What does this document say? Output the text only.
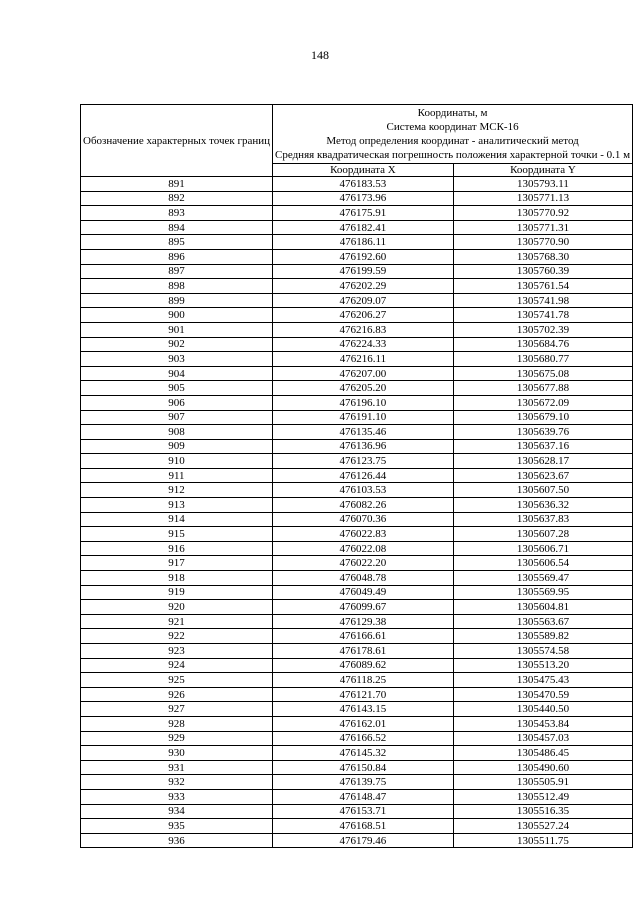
148
Обозначение характерных точек границ	Координаты, м
Система координат МСК-16
Метод определения координат - аналитический метод
Средняя квадратическая погрешность положения характерной точки - 0.1 м	

	Координата X	Координата Y
891	476183.53	1305793.11
892	476173.96	1305771.13
893	476175.91	1305770.92
894	476182.41	1305771.31
895	476186.11	1305770.90
896	476192.60	1305768.30
897	476199.59	1305760.39
898	476202.29	1305761.54
899	476209.07	1305741.98
900	476206.27	1305741.78
901	476216.83	1305702.39
902	476224.33	1305684.76
903	476216.11	1305680.77
904	476207.00	1305675.08
905	476205.20	1305677.88
906	476196.10	1305672.09
907	476191.10	1305679.10
908	476135.46	1305639.76
909	476136.96	1305637.16
910	476123.75	1305628.17
911	476126.44	1305623.67
912	476103.53	1305607.50
913	476082.26	1305636.32
914	476070.36	1305637.83
915	476022.83	1305607.28
916	476022.08	1305606.71
917	476022.20	1305606.54
918	476048.78	1305569.47
919	476049.49	1305569.95
920	476099.67	1305604.81
921	476129.38	1305563.67
922	476166.61	1305589.82
923	476178.61	1305574.58
924	476089.62	1305513.20
925	476118.25	1305475.43
926	476121.70	1305470.59
927	476143.15	1305440.50
928	476162.01	1305453.84
929	476166.52	1305457.03
930	476145.32	1305486.45
931	476150.84	1305490.60
932	476139.75	1305505.91
933	476148.47	1305512.49
934	476153.71	1305516.35
935	476168.51	1305527.24
936	476179.46	1305511.75
